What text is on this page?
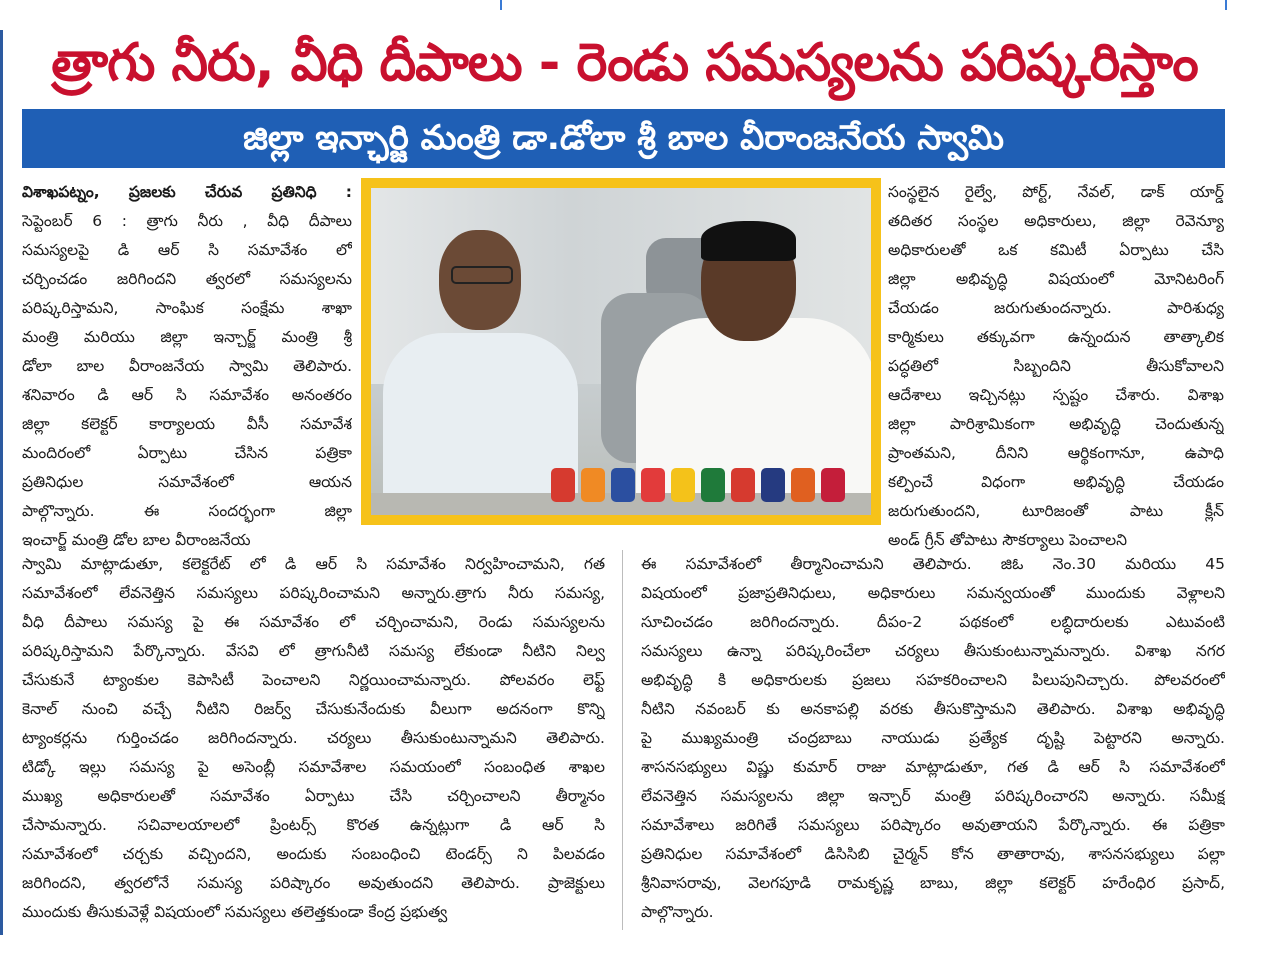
త్రాగు నీరు, వీధి దీపాలు - రెండు సమస్యలను పరిష్కరిస్తాం
జిల్లా ఇన్ఛార్జి మంత్రి డా.డోలా శ్రీ బాల వీరాంజనేయ స్వామి
విశాఖపట్నం, ప్రజలకు చేరువ ప్రతినిధి :
సెప్టెంబర్ 6 : త్రాగు నీరు , వీధి దీపాలు
సమస్యలపై డి ఆర్ సి సమావేశం లో
చర్చించడం జరిగిందని త్వరలో సమస్యలను
పరిష్కరిస్తామని, సాంఘిక సంక్షేమ శాఖా
మంత్రి మరియు జిల్లా ఇన్చార్జ్ మంత్రి శ్రీ
డోలా బాల వీరాంజనేయ స్వామి తెలిపారు.
శనివారం డి ఆర్ సి సమావేశం అనంతరం
జిల్లా కలెక్టర్ కార్యాలయ వీసీ సమావేశ
మందిరంలో ఏర్పాటు చేసిన పత్రికా
ప్రతినిధుల సమావేశంలో ఆయన
పాల్గొన్నారు. ఈ సందర్భంగా జిల్లా
ఇంచార్జ్ మంత్రి డోల బాల వీరాంజనేయ
సంస్థలైన రైల్వే, పోర్ట్, నేవల్, డాక్ యార్డ్
తదితర సంస్థల అధికారులు, జిల్లా రెవెన్యూ
అధికారులతో ఒక కమిటీ ఏర్పాటు చేసి
జిల్లా అభివృద్ధి విషయంలో మోనిటరింగ్
చేయడం జరుగుతుందన్నారు. పారిశుధ్య
కార్మికులు తక్కువగా ఉన్నందున తాత్కాలిక
పద్ధతిలో సిబ్బందిని తీసుకోవాలని
ఆదేశాలు ఇచ్చినట్లు స్పష్టం చేశారు. విశాఖ
జిల్లా పారిశ్రామికంగా అభివృద్ధి చెందుతున్న
ప్రాంతమని, దీనిని ఆర్థికంగానూ, ఉపాధి
కల్పించే విధంగా అభివృద్ధి చేయడం
జరుగుతుందని, టూరిజంతో పాటు క్లీన్
అండ్ గ్రీన్ తోపాటు సౌకర్యాలు పెంచాలని
స్వామి మాట్లాడుతూ, కలెక్టరేట్ లో డి ఆర్ సి సమావేశం నిర్వహించామని, గత
సమావేశంలో లేవనెత్తిన సమస్యలు పరిష్కరించామని అన్నారు.త్రాగు నీరు సమస్య,
వీధి దీపాలు సమస్య పై ఈ సమావేశం లో చర్చించామని, రెండు సమస్యలను
పరిష్కరిస్తామని పేర్కొన్నారు. వేసవి లో త్రాగునీటి సమస్య లేకుండా నీటిని నిల్వ
చేసుకునే ట్యాంకుల కెపాసిటీ పెంచాలని నిర్ణయించామన్నారు. పోలవరం లెఫ్ట్
కెనాల్ నుంచి వచ్చే నీటిని రిజర్వ్ చేసుకునేందుకు వీలుగా అదనంగా కొన్ని
ట్యాంకర్లను గుర్తించడం జరిగిందన్నారు. చర్యలు తీసుకుంటున్నామని తెలిపారు.
టిడ్కో ఇల్లు సమస్య పై అసెంబ్లీ సమావేశాల సమయంలో సంబంధిత శాఖల
ముఖ్య అధికారులతో సమావేశం ఏర్పాటు చేసి చర్చించాలని తీర్మానం
చేసామన్నారు. సచివాలయాలలో ప్రింటర్స్ కొరత ఉన్నట్లుగా డి ఆర్ సి
సమావేశంలో చర్చకు వచ్చిందని, అందుకు సంబంధించి టెండర్స్ ని పిలవడం
జరిగిందని, త్వరలోనే సమస్య పరిష్కారం అవుతుందని తెలిపారు. ప్రాజెక్టులు
ముందుకు తీసుకువెళ్లే విషయంలో సమస్యలు తలెత్తకుండా కేంద్ర ప్రభుత్వ
ఈ సమావేశంలో తీర్మానించామని తెలిపారు. జిఓ నెం.30 మరియు 45
విషయంలో ప్రజాప్రతినిధులు, అధికారులు సమన్వయంతో ముందుకు వెళ్లాలని
సూచించడం జరిగిందన్నారు. దీపం-2 పథకంలో లబ్ధిదారులకు ఎటువంటి
సమస్యలు ఉన్నా పరిష్కరించేలా చర్యలు తీసుకుంటున్నామన్నారు. విశాఖ నగర
అభివృద్ధి కి అధికారులకు ప్రజలు సహకరించాలని పిలుపునిచ్చారు. పోలవరంలో
నీటిని నవంబర్ కు అనకాపల్లి వరకు తీసుకొస్తామని తెలిపారు. విశాఖ అభివృద్ధి
పై ముఖ్యమంత్రి చంద్రబాబు నాయుడు ప్రత్యేక దృష్టి పెట్టారని అన్నారు.
శాసనసభ్యులు విష్ణు కుమార్ రాజు మాట్లాడుతూ, గత డి ఆర్ సి సమావేశంలో
లేవనెత్తిన సమస్యలను జిల్లా ఇన్చార్ మంత్రి పరిష్కరించారని అన్నారు. సమీక్ష
సమావేశాలు జరిగితే సమస్యలు పరిష్కారం అవుతాయని పేర్కొన్నారు. ఈ పత్రికా
ప్రతినిధుల సమావేశంలో డిసిసిబి చైర్మన్ కోన తాతారావు, శాసనసభ్యులు పల్లా
శ్రీనివాసరావు, వెలగపూడి రామకృష్ణ బాబు, జిల్లా కలెక్టర్ హరేంధిర ప్రసాద్,
పాల్గొన్నారు.
